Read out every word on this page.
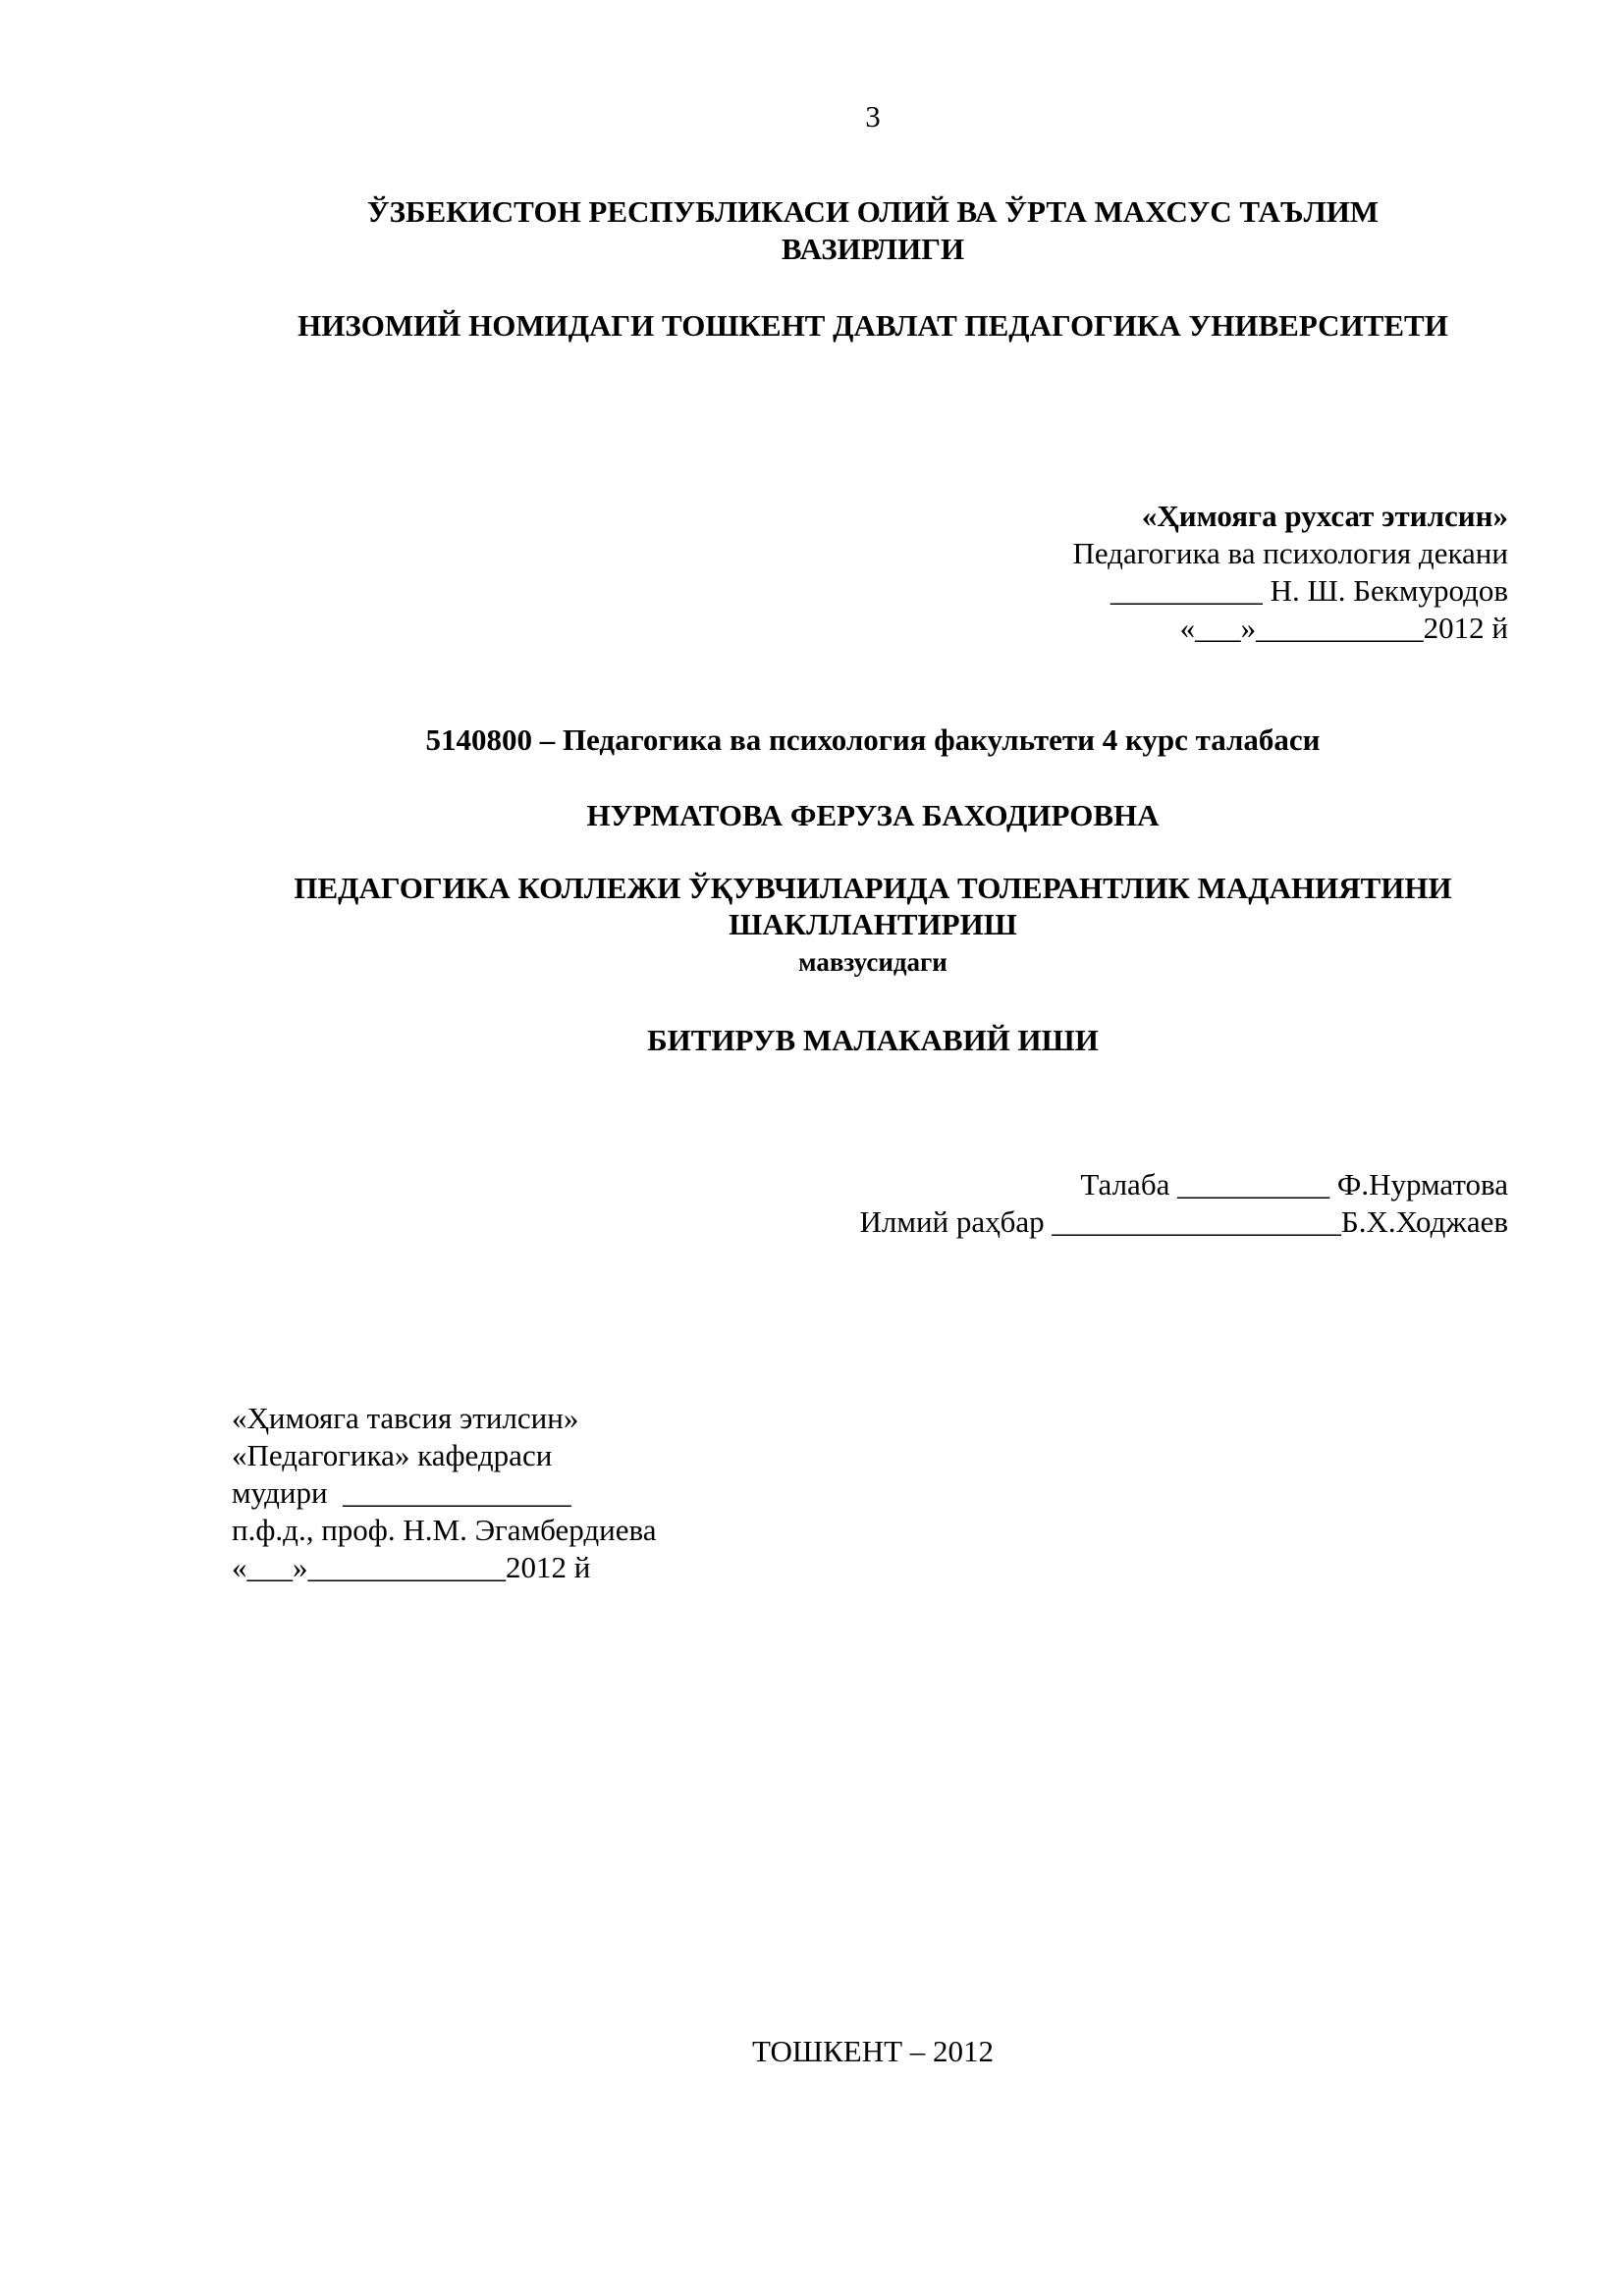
3
ЎЗБЕКИСТОН РЕСПУБЛИКАСИ ОЛИЙ ВА ЎРТА МАХСУС ТАЪЛИМ
ВАЗИРЛИГИ
НИЗОМИЙ НОМИДАГИ ТОШКЕНТ ДАВЛАТ ПЕДАГОГИКА УНИВЕРСИТЕТИ
«Ҳимояга рухсат этилсин»
Педагогика ва психология декани
__________ Н. Ш. Бекмуродов
«___»___________2012 й
5140800 – Педагогика ва психология факультети 4 курс талабаси
НУРМАТОВА ФЕРУЗА БАХОДИРОВНА
ПЕДАГОГИКА КОЛЛЕЖИ ЎҚУВЧИЛАРИДА ТОЛЕРАНТЛИК МАДАНИЯТИНИ
ШАКЛЛАНТИРИШ
мавзусидаги
БИТИРУВ МАЛАКАВИЙ ИШИ
Талаба __________ Ф.Нурматова
Илмий раҳбар ___________________Б.Х.Ходжаев
«Ҳимояга тавсия этилсин»
«Педагогика» кафедраси
мудири  _______________
п.ф.д., проф. Н.М. Эгамбердиева
«___»_____________2012 й
ТОШКЕНТ – 2012
